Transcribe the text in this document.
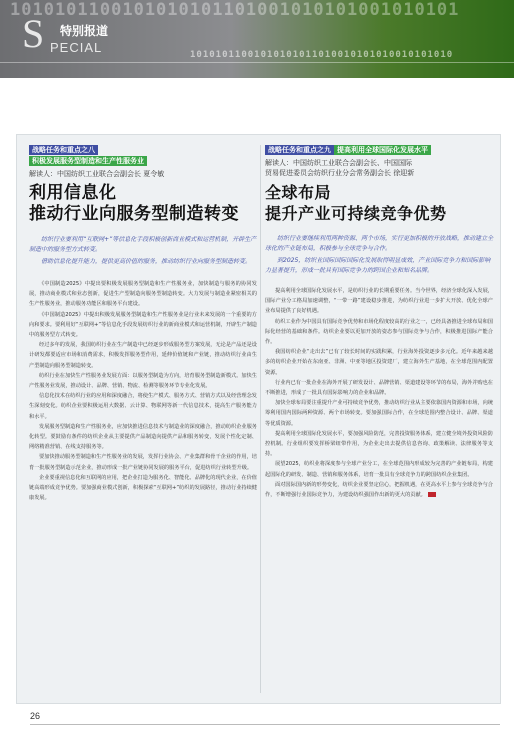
1010101100101010101101001010101001010101
10101011001010101011010010101010010101010
S 特别报道
PECIAL
战略任务和重点之八
积极发展服务型制造和生产性服务业
解读人：中国纺织工业联合会副会长 夏令敏
利用信息化
推动行业向服务型制造转变

纺织行业要利用“互联网+”等信息化手段积极创新商业模式和运营机制，开辟生产制造中的服务型方式转变。

借助信息化提升能力，提供更高价值的服务，推动纺织行业向服务型制造转变。

《中国制造2025》中提出要积极发展服务型制造和生产性服务业，加快制造与服务的协同发展，推动商业模式和业态创新，促进生产型制造向服务型制造转变。大力发展与制造业紧密相关的生产性服务业，推动服务功能区和服务平台建设。

《中国制造2025》中提出积极发展服务型制造和生产性服务业是行业未来发展的一个重要的方向和要求。要利用好“互联网+”等信息化手段发展纺织行业的新商业模式和运营机制，开辟生产制造中的服务型方式转变。

经过多年的发展，我国纺织行业在生产制造中已经逐步形成服务型方案发展，无论是产品还是设计研发都要适应市场和消费需求，积极发挥服务型作用，延伸价值链和产业链，推动纺织行业由生产型制造向服务型制造转变。

纺织行业在加快生产性服务业发展方面：以服务型制造为方向，培育服务型制造新模式。加快生产性服务业发展，推动设计、品牌、营销、物流、检测等服务环节专业化发展。

信息化技术在纺织行业的应用和深度融合，将使生产模式、服务方式、营销方式以及经营理念发生深刻变化。纺织企业要积极运用大数据、云计算、物联网等新一代信息技术，提高生产服务能力和水平。

发展服务型制造和生产性服务业，应加快推进信息技术与制造业的深度融合，推动纺织企业服务化转型。要鼓励有条件的纺织企业从主要提供产品制造向提供产品和服务转变，发展个性化定制、网络精准营销、在线支持服务等。

要加快推动服务型制造和生产性服务业的发展，发挥行业协会、产业集群和骨干企业的作用，培育一批服务型制造示范企业，推动形成一批产业链协同发展的服务平台，促进纺织行业转型升级。

企业要重视信息化和互联网的应用，把企业打造为服务化、智能化、品牌化的现代企业，在价值链高端形成竞争优势。要加强商业模式创新，积极探索“互联网+”纺织的发展路径，推动行业持续健康发展。

战略任务和重点之九 提高利用全球国际化发展水平
解读人：中国纺织工业联合会副会长、中国国际
贸易促进委员会纺织行业分会常务副会长 徐迎新
全球布局
提升产业可持续竞争优势

纺织行业要继续利用两种资源、两个市场，实行更加积极的开放战略，推动建立全球化的产业链布局，积极参与全球竞争与合作。

到2025，纺织业国际国际国际化发展取得明显成效，产业国际竞争力和国际影响力显著提升，形成一批具有国际竞争力的跨国企业和知名品牌。

提高利用全球国际化发展水平，是纺织行业的长期重要任务。当今世界，经济全球化深入发展，国际产业分工格局加速调整，“一带一路”建设稳步推进，为纺织行业进一步扩大开放、优化全球产业布局提供了良好机遇。

纺织工业作为中国具有国际竞争优势和市场化程度较高的行业之一，已经具备推进全球布局和国际化经营的基础和条件。纺织企业要以更加开放的姿态参与国际竞争与合作，积极推进国际产能合作。

我国纺织企业“走出去”已有了较长时间的实践积累，行业海外投资逐步多元化。近年来越来越多的纺织企业开始在东南亚、非洲、中亚等地区投资建厂，建立海外生产基地，在全球范围内配置资源。

行业内已有一批企业在海外开展了研发设计、品牌营销、渠道建设等环节的布局，海外并购也在不断推进，形成了一批具有国际影响力的企业和品牌。

加快全球布局要注重提升产业可持续竞争优势，推动纺织行业从主要依靠国内资源和市场，向统筹利用国内国际两种资源、两个市场转变。要加强国际合作，在全球范围内整合设计、品牌、渠道等优质资源。

提高利用全球国际化发展水平，要加强风险防范，完善投资服务体系，建立健全境外投资风险防控机制。行业组织要发挥桥梁纽带作用，为企业走出去提供信息咨询、政策解读、法律服务等支持。

展望2025，纺织业将深度参与全球产业分工，在全球范围内形成较为完善的产业链布局，构建起国际化的研发、制造、营销和服务体系，培育一批具有全球竞争力的跨国纺织企业集团。

面对国际国内新的形势变化，纺织企业要坚定信心，把握机遇，在更高水平上参与全球竞争与合作，不断增强行业国际竞争力，为建设纺织强国作出新的更大的贡献。

26
